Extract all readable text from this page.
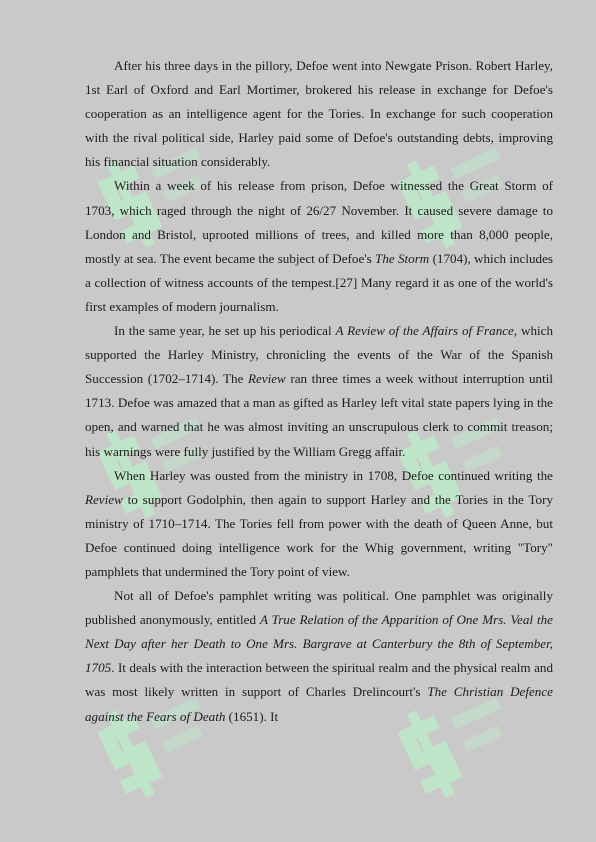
After his three days in the pillory, Defoe went into Newgate Prison. Robert Harley, 1st Earl of Oxford and Earl Mortimer, brokered his release in exchange for Defoe's cooperation as an intelligence agent for the Tories. In exchange for such cooperation with the rival political side, Harley paid some of Defoe's outstanding debts, improving his financial situation considerably.

Within a week of his release from prison, Defoe witnessed the Great Storm of 1703, which raged through the night of 26/27 November. It caused severe damage to London and Bristol, uprooted millions of trees, and killed more than 8,000 people, mostly at sea. The event became the subject of Defoe's The Storm (1704), which includes a collection of witness accounts of the tempest.[27] Many regard it as one of the world's first examples of modern journalism.

In the same year, he set up his periodical A Review of the Affairs of France, which supported the Harley Ministry, chronicling the events of the War of the Spanish Succession (1702–1714). The Review ran three times a week without interruption until 1713. Defoe was amazed that a man as gifted as Harley left vital state papers lying in the open, and warned that he was almost inviting an unscrupulous clerk to commit treason; his warnings were fully justified by the William Gregg affair.

When Harley was ousted from the ministry in 1708, Defoe continued writing the Review to support Godolphin, then again to support Harley and the Tories in the Tory ministry of 1710–1714. The Tories fell from power with the death of Queen Anne, but Defoe continued doing intelligence work for the Whig government, writing "Tory" pamphlets that undermined the Tory point of view.

Not all of Defoe's pamphlet writing was political. One pamphlet was originally published anonymously, entitled A True Relation of the Apparition of One Mrs. Veal the Next Day after her Death to One Mrs. Bargrave at Canterbury the 8th of September, 1705. It deals with the interaction between the spiritual realm and the physical realm and was most likely written in support of Charles Drelincourt's The Christian Defence against the Fears of Death (1651). It
